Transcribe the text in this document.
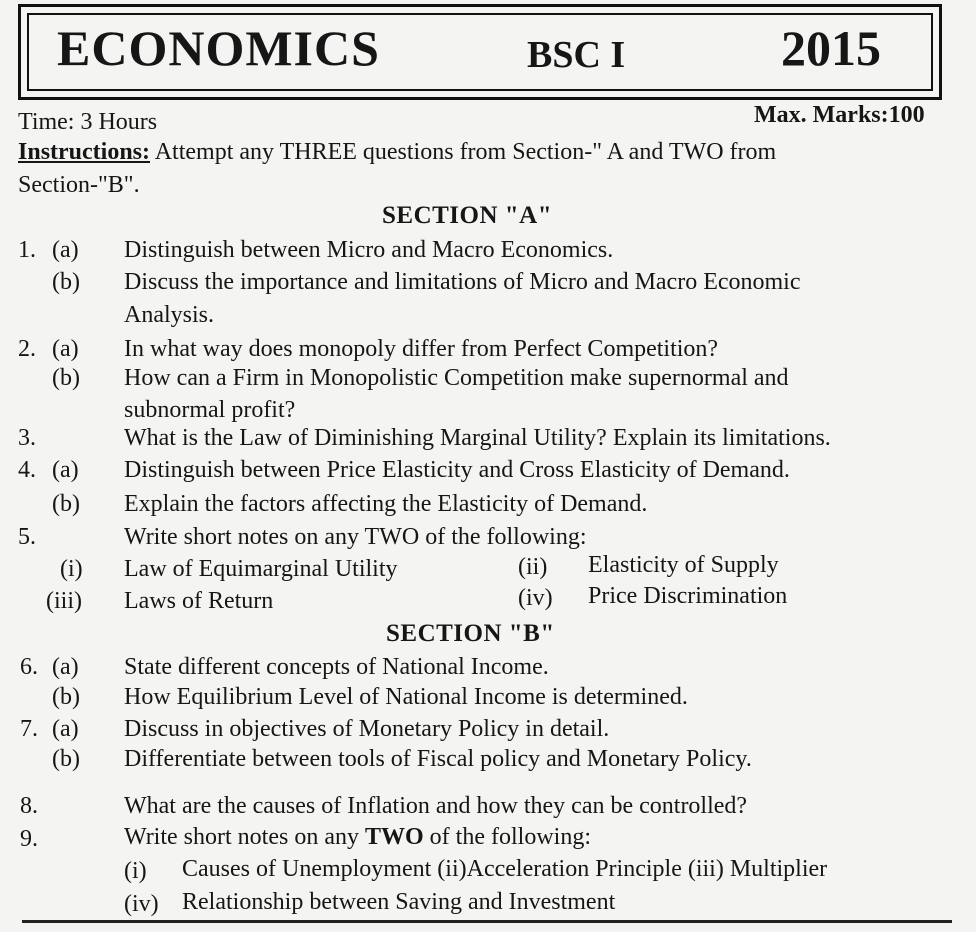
ECONOMICS	BSC I	2015
Time: 3 Hours	Max. Marks:100
Instructions: Attempt any THREE questions from Section-" A and TWO from
Section-"B".
SECTION "A"
1. (a) Distinguish between Micro and Macro Economics.
(b) Discuss the importance and limitations of Micro and Macro Economic
Analysis.
2. (a) In what way does monopoly differ from Perfect Competition?
(b) How can a Firm in Monopolistic Competition make supernormal and
subnormal profit?
3.	What is the Law of Diminishing Marginal Utility? Explain its limitations.
4. (a) Distinguish between Price Elasticity and Cross Elasticity of Demand.
(b) Explain the factors affecting the Elasticity of Demand.
5.	Write short notes on any TWO of the following:
(i) Law of Equimarginal Utility	(ii) Elasticity of Supply
(iii) Laws of Return	(iv) Price Discrimination
SECTION "B"
6. (a) State different concepts of National Income.
(b) How Equilibrium Level of National Income is determined.
7. (a) Discuss in objectives of Monetary Policy in detail.
(b) Differentiate between tools of Fiscal policy and Monetary Policy.
8.	What are the causes of Inflation and how they can be controlled?
9.	Write short notes on any TWO of the following:
(i) Causes of Unemployment (ii)Acceleration Principle (iii) Multiplier
(iv) Relationship between Saving and Investment
